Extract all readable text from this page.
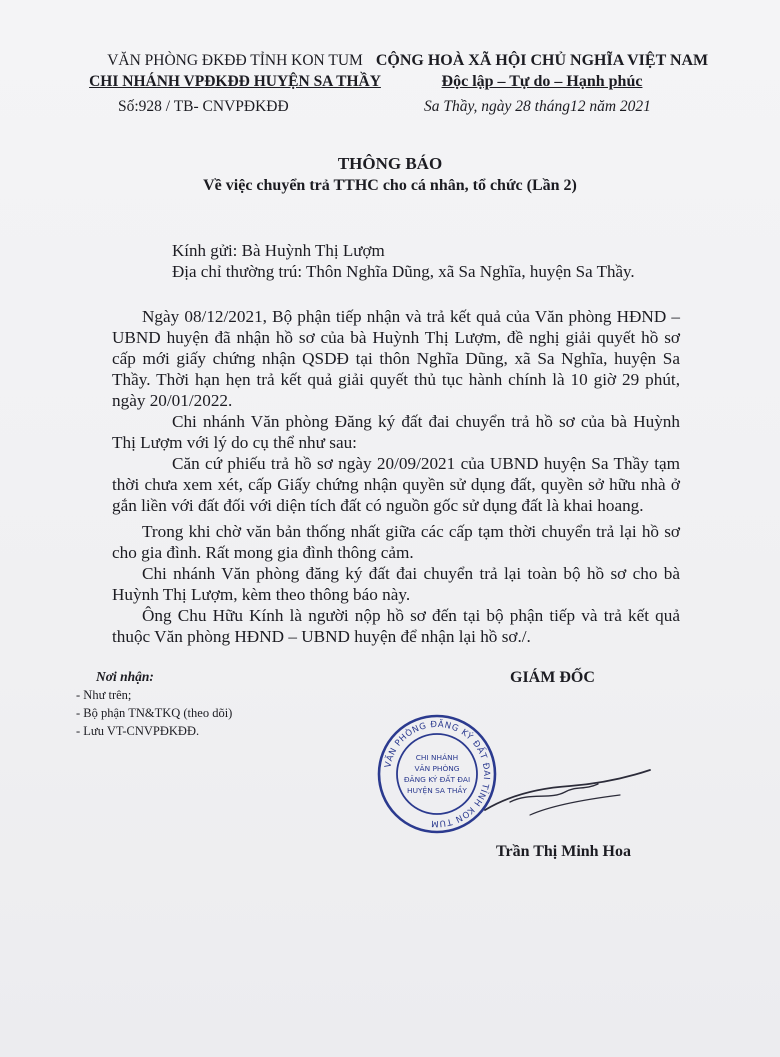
VĂN PHÒNG ĐKĐĐ TỈNH KON TUM
CHI NHÁNH VPĐKĐĐ HUYỆN SA THẦY
Số:928 / TB- CNVPĐKĐĐ
CỘNG HOÀ XÃ HỘI CHỦ NGHĨA VIỆT NAM
Độc lập – Tự do – Hạnh phúc
Sa Thầy, ngày 28 tháng12 năm 2021
THÔNG BÁO
Về việc chuyển trả TTHC cho cá nhân, tổ chức (Lần 2)
Kính gửi: Bà Huỳnh Thị Lượm
Địa chỉ thường trú: Thôn Nghĩa Dũng, xã Sa Nghĩa, huyện Sa Thầy.
Ngày 08/12/2021, Bộ phận tiếp nhận và trả kết quả của Văn phòng HĐND –UBND huyện đã nhận hồ sơ của bà Huỳnh Thị Lượm, đề nghị giải quyết hồ sơ cấp mới giấy chứng nhận QSDĐ tại thôn Nghĩa Dũng, xã Sa Nghĩa, huyện Sa Thầy. Thời hạn hẹn trả kết quả giải quyết thủ tục hành chính là 10 giờ 29 phút, ngày 20/01/2022.
Chi nhánh Văn phòng Đăng ký đất đai chuyển trả hồ sơ của bà Huỳnh Thị Lượm với lý do cụ thể như sau:
Căn cứ phiếu trả hồ sơ ngày 20/09/2021 của UBND huyện Sa Thầy tạm thời chưa xem xét, cấp Giấy chứng nhận quyền sử dụng đất, quyền sở hữu nhà ở gắn liền với đất đối với diện tích đất có nguồn gốc sử dụng đất là khai hoang.
Trong khi chờ văn bản thống nhất giữa các cấp tạm thời chuyển trả lại hồ sơ cho gia đình. Rất mong gia đình thông cảm.
Chi nhánh Văn phòng đăng ký đất đai chuyển trả lại toàn bộ hồ sơ cho bà Huỳnh Thị Lượm, kèm theo thông báo này.
Ông Chu Hữu Kính là người nộp hồ sơ đến tại bộ phận tiếp và trả kết quả thuộc Văn phòng HĐND – UBND huyện để nhận lại hồ sơ./.
Nơi nhận:
- Như trên;
- Bộ phận TN&TKQ (theo dõi)
- Lưu VT-CNVPĐKĐĐ.
GIÁM ĐỐC
VĂN PHÒNG ĐĂNG KÝ ĐẤT ĐAI TỈNH KON TUM
CHI NHÁNH
VĂN PHÒNG
ĐĂNG KÝ ĐẤT ĐAI
HUYỆN SA THẦY
Trần Thị Minh Hoa
